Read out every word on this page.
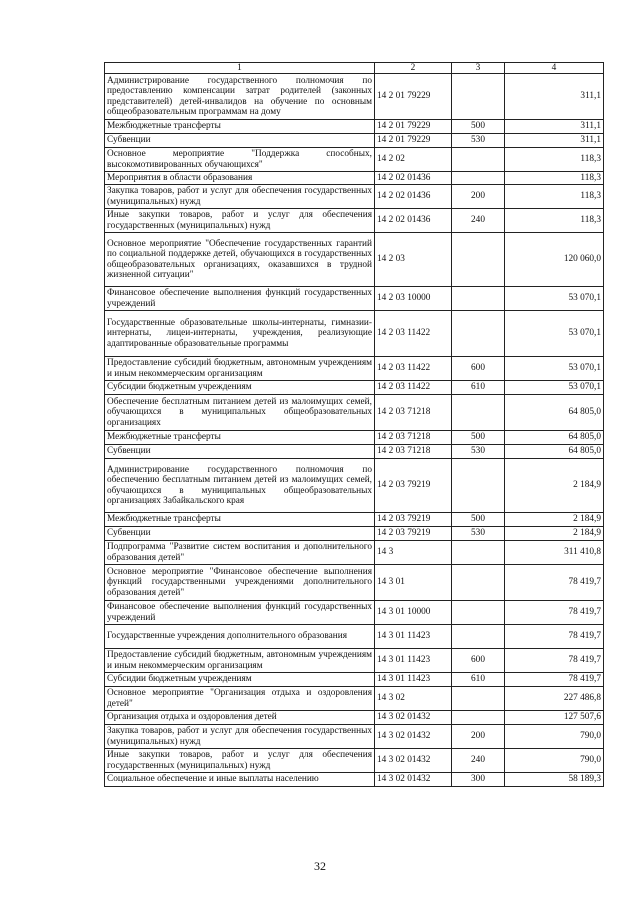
1	2	3	4
Администрирование государственного полномочия по предоставлению компенсации затрат родителей (законных представителей) детей-инвалидов на обучение по основным общеобразовательным программам на дому	14 2 01 79229		311,1
Межбюджетные трансферты	14 2 01 79229	500	311,1
Субвенции	14 2 01 79229	530	311,1
Основное мероприятие "Поддержка способных, высокомотивированных обучающихся"	14 2 02		118,3
Мероприятия в области образования	14 2 02 01436		118,3
Закупка товаров, работ и услуг для обеспечения государственных (муниципальных) нужд	14 2 02 01436	200	118,3
Иные закупки товаров, работ и услуг для обеспечения государственных (муниципальных) нужд	14 2 02 01436	240	118,3
Основное мероприятие "Обеспечение государственных гарантий по социальной поддержке детей, обучающихся в государственных общеобразовательных организациях, оказавшихся в трудной жизненной ситуации"	14 2 03		120 060,0
Финансовое обеспечение выполнения функций государственных учреждений	14 2 03 10000		53 070,1
Государственные образовательные школы-интернаты, гимназии-интернаты, лицеи-интернаты, учреждения, реализующие адаптированные образовательные программы	14 2 03 11422		53 070,1
Предоставление субсидий бюджетным, автономным учреждениям и иным некоммерческим организациям	14 2 03 11422	600	53 070,1
Субсидии бюджетным учреждениям	14 2 03 11422	610	53 070,1
Обеспечение бесплатным питанием детей из малоимущих семей, обучающихся в муниципальных общеобразовательных организациях	14 2 03 71218		64 805,0
Межбюджетные трансферты	14 2 03 71218	500	64 805,0
Субвенции	14 2 03 71218	530	64 805,0
Администрирование государственного полномочия по обеспечению бесплатным питанием детей из малоимущих семей, обучающихся в муниципальных общеобразовательных организациях Забайкальского края	14 2 03 79219		2 184,9
Межбюджетные трансферты	14 2 03 79219	500	2 184,9
Субвенции	14 2 03 79219	530	2 184,9
Подпрограмма "Развитие систем воспитания и дополнительного образования детей"	14 3		311 410,8
Основное мероприятие "Финансовое обеспечение выполнения функций государственными учреждениями дополнительного образования детей"	14 3 01		78 419,7
Финансовое обеспечение выполнения функций государственных учреждений	14 3 01 10000		78 419,7
Государственные учреждения дополнительного образования	14 3 01 11423		78 419,7
Предоставление субсидий бюджетным, автономным учреждениям и иным некоммерческим организациям	14 3 01 11423	600	78 419,7
Субсидии бюджетным учреждениям	14 3 01 11423	610	78 419,7
Основное мероприятие "Организация отдыха и оздоровления детей"	14 3 02		227 486,8
Организация отдыха и оздоровления детей	14 3 02 01432		127 507,6
Закупка товаров, работ и услуг для обеспечения государственных (муниципальных) нужд	14 3 02 01432	200	790,0
Иные закупки товаров, работ и услуг для обеспечения государственных (муниципальных) нужд	14 3 02 01432	240	790,0
Социальное обеспечение и иные выплаты населению	14 3 02 01432	300	58 189,3
32
